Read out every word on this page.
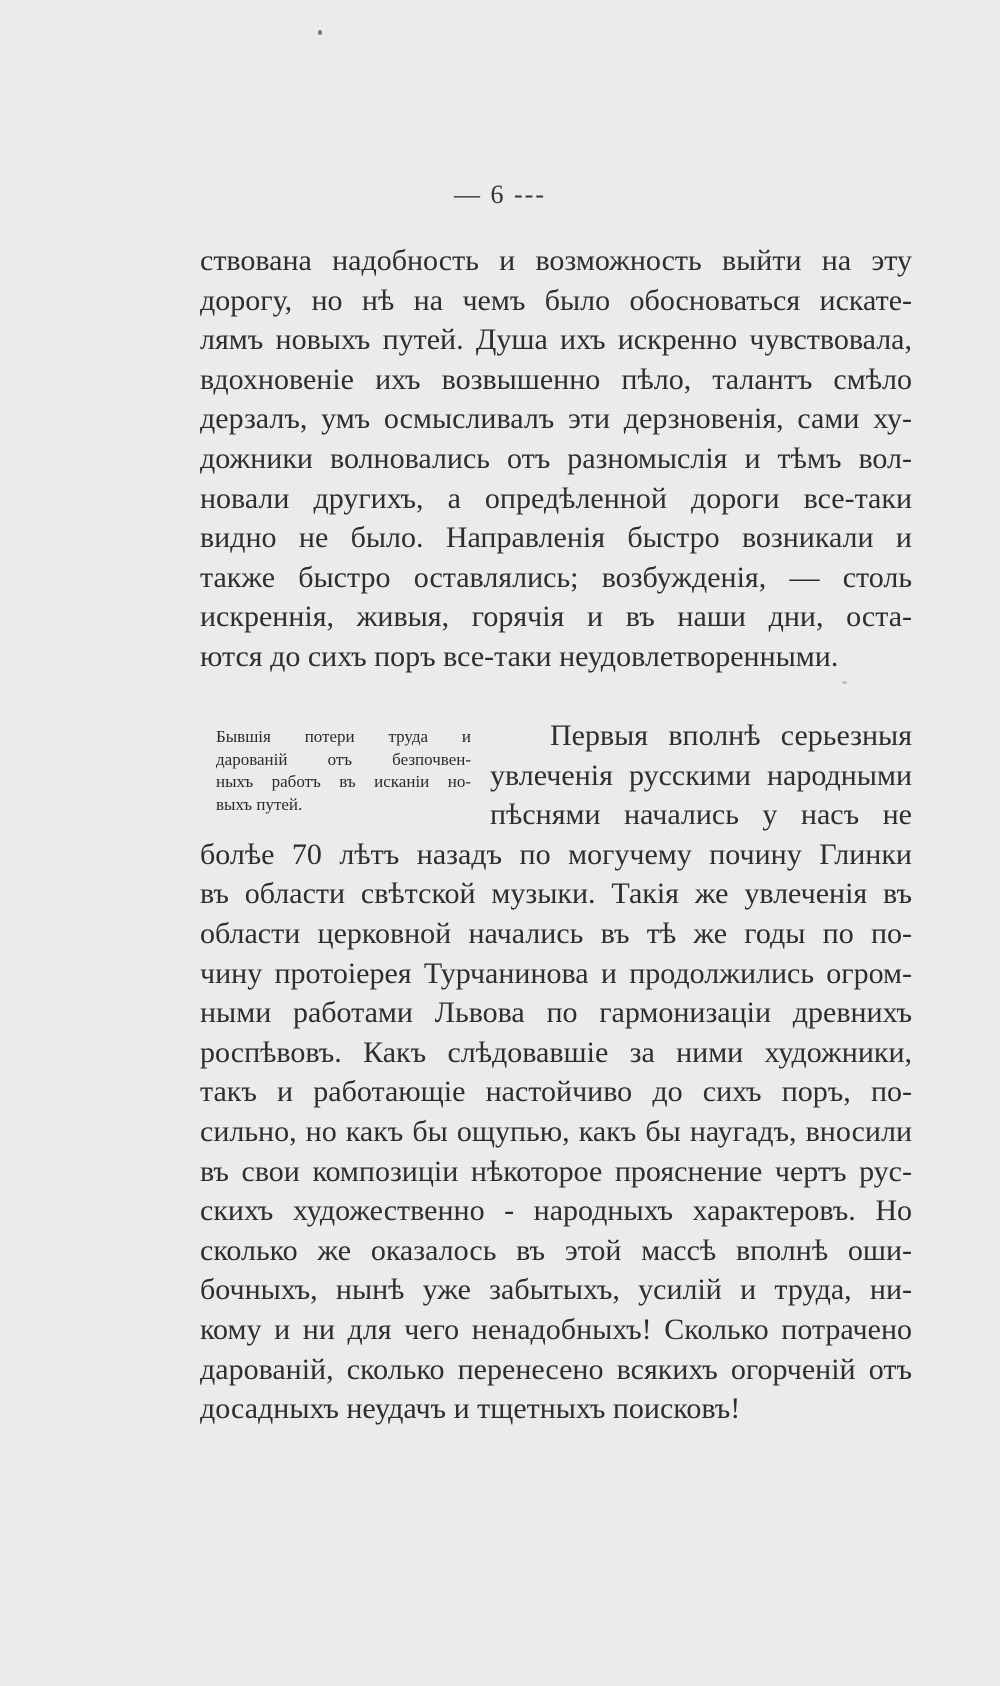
— 6 ---
ствована надобность и возможность выйти на эту
дорогу, но нѣ на чемъ было обосноваться искате-
лямъ новыхъ путей. Душа ихъ искренно чувствовала,
вдохновенiе ихъ возвышенно пѣло, талантъ смѣло
дерзалъ, умъ осмысливалъ эти дерзновенiя, сами ху-
дожники волновались отъ разномыслiя и тѣмъ вол-
новали другихъ, а опредѣленной дороги все-таки
видно не было. Направленiя быстро возникали и
также быстро оставлялись; возбужденiя, — столь
искреннiя, живыя, горячiя и въ наши дни, оста-
ются до сихъ поръ все-таки неудовлетворенными.
Бывшiя потери труда и
дарованiй отъ безпочвен-
ныхъ работъ въ исканiи но-
выхъ путей.
Первыя вполнѣ серьезныя
увлеченiя русскими народными
пѣснями начались у насъ не
болѣе 70 лѣтъ назадъ по могучему почину Глинки
въ области свѣтской музыки. Такiя же увлеченiя въ
области церковной начались въ тѣ же годы по по-
чину протоiерея Турчанинова и продолжились огром-
ными работами Львова по гармонизацiи древнихъ
роспѣвовъ. Какъ слѣдовавшiе за ними художники,
такъ и работающiе настойчиво до сихъ поръ, по-
сильно, но какъ бы ощупью, какъ бы наугадъ, вносили
въ свои композицiи нѣкоторое прояснение чертъ рус-
скихъ художественно - народныхъ характеровъ. Но
сколько же оказалось въ этой массѣ вполнѣ оши-
бочныхъ, нынѣ уже забытыхъ, усилiй и труда, ни-
кому и ни для чего ненадобныхъ! Сколько потрачено
дарованiй, сколько перенесено всякихъ огорченiй отъ
досадныхъ неудачъ и тщетныхъ поисковъ!
